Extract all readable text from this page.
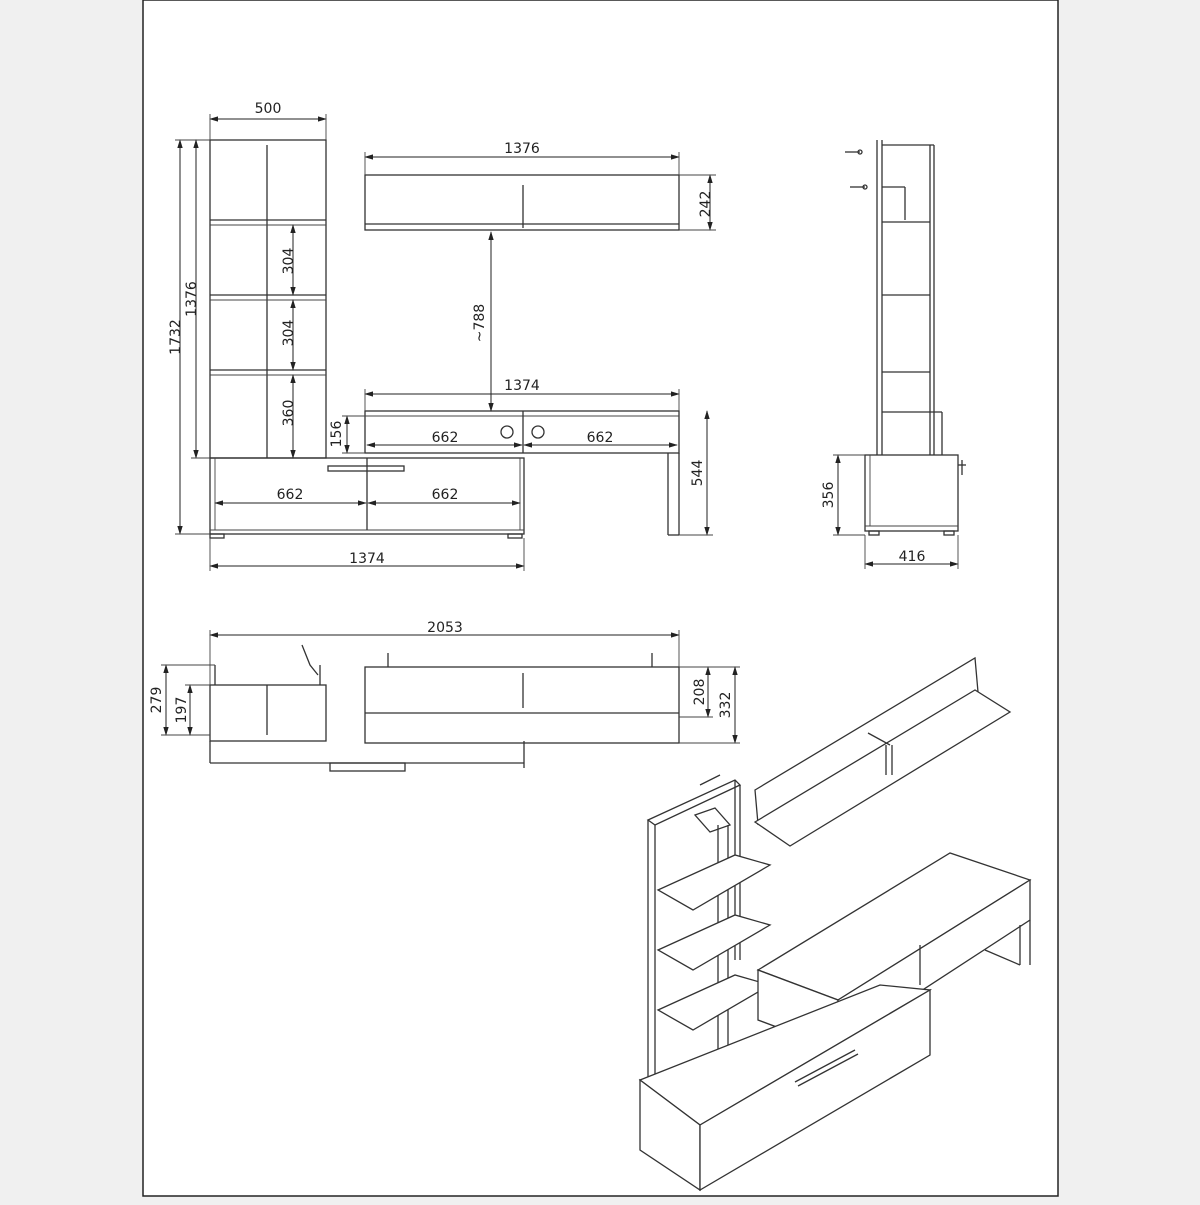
500
1732
1376
304
304
360
1376
242
~788
1374
156	662	662
544
662	662
1374
356
416
2053
279 197
208 332
